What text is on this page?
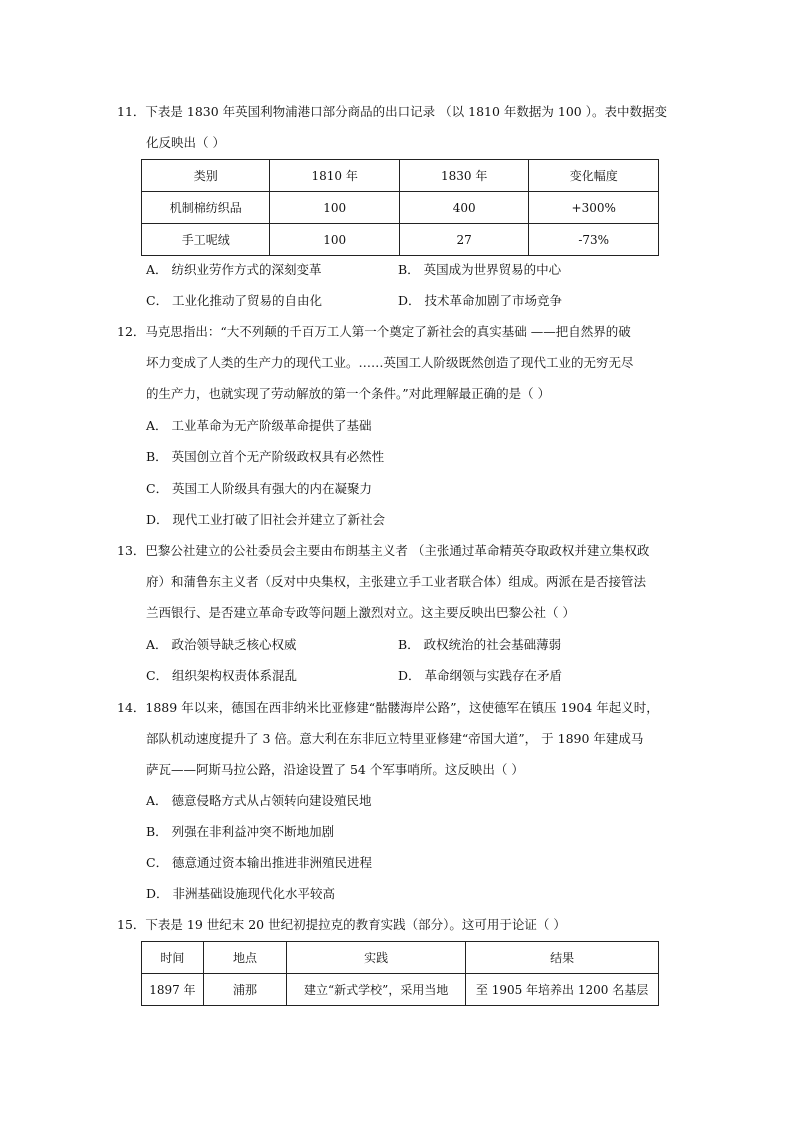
11．下表是 1830 年英国利物浦港口部分商品的出口记录 （以 1810 年数据为 100 ）。表中数据变
化反映出（ ）
类别	1810 年	1830 年	变化幅度
机制棉纺织品	100	400	+300%
手工呢绒	100	27	-73%
A． 纺织业劳作方式的深刻变革	B． 英国成为世界贸易的中心
C． 工业化推动了贸易的自由化	D． 技术革命加剧了市场竞争
12．马克思指出：“大不列颠的千百万工人第一个奠定了新社会的真实基础 ——把自然界的破
坏力变成了人类的生产力的现代工业。……英国工人阶级既然创造了现代工业的无穷无尽
的生产力，也就实现了劳动解放的第一个条件。”对此理解最正确的是（ ）
A． 工业革命为无产阶级革命提供了基础
B． 英国创立首个无产阶级政权具有必然性
C． 英国工人阶级具有强大的内在凝聚力
D． 现代工业打破了旧社会并建立了新社会
13．巴黎公社建立的公社委员会主要由布朗基主义者 （主张通过革命精英夺取政权并建立集权政
府）和蒲鲁东主义者（反对中央集权，主张建立手工业者联合体）组成。两派在是否接管法
兰西银行、是否建立革命专政等问题上激烈对立。这主要反映出巴黎公社（ ）
A． 政治领导缺乏核心权威	B． 政权统治的社会基础薄弱
C． 组织架构权责体系混乱	D． 革命纲领与实践存在矛盾
14．1889 年以来，德国在西非纳米比亚修建“骷髅海岸公路”，这使德军在镇压 1904 年起义时，
部队机动速度提升了 3 倍。意大利在东非厄立特里亚修建“帝国大道”， 于 1890 年建成马
萨瓦——阿斯马拉公路，沿途设置了 54 个军事哨所。这反映出（ ）
A． 德意侵略方式从占领转向建设殖民地
B． 列强在非利益冲突不断地加剧
C． 德意通过资本输出推进非洲殖民进程
D． 非洲基础设施现代化水平较高
15．下表是 19 世纪末 20 世纪初提拉克的教育实践（部分）。这可用于论证（ ）
时间	地点	实践	结果
1897 年	浦那	建立“新式学校”，采用当地	至 1905 年培养出 1200 名基层
